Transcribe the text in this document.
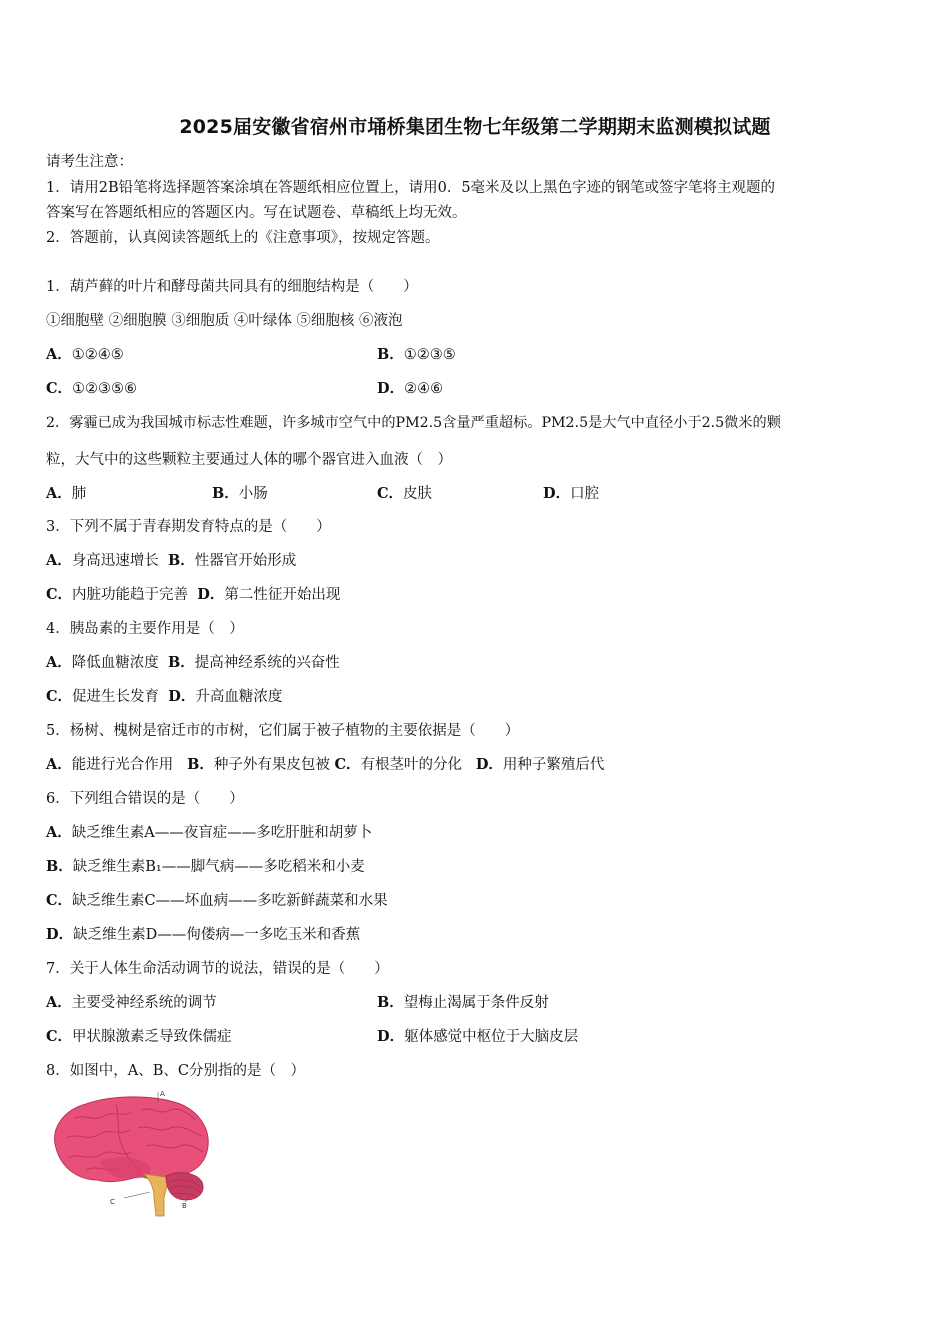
2025届安徽省宿州市埇桥集团生物七年级第二学期期末监测模拟试题
请考生注意：
1．请用2B铅笔将选择题答案涂填在答题纸相应位置上，请用0．5毫米及以上黑色字迹的钢笔或签字笔将主观题的
答案写在答题纸相应的答题区内。写在试题卷、草稿纸上均无效。
2．答题前，认真阅读答题纸上的《注意事项》，按规定答题。
1．葫芦藓的叶片和酵母菌共同具有的细胞结构是（　　）
①细胞壁 ②细胞膜 ③细胞质 ④叶绿体 ⑤细胞核 ⑥液泡
A．①②④⑤	B．①②③⑤
C．①②③⑤⑥	D．②④⑥
2．雾霾已成为我国城市标志性难题，许多城市空气中的PM2.5含量严重超标。PM2.5是大气中直径小于2.5微米的颗
粒，大气中的这些颗粒主要通过人体的哪个器官进入血液（　）
A．肺	B．小肠	C．皮肤	D．口腔
3．下列不属于青春期发育特点的是（　　）
A．身高迅速增长 B．性器官开始形成
C．内脏功能趋于完善 D．第二性征开始出现
4．胰岛素的主要作用是（　）
A．降低血糖浓度 B．提高神经系统的兴奋性
C．促进生长发育 D．升高血糖浓度
5．杨树、槐树是宿迁市的市树，它们属于被子植物的主要依据是（　　）
A．能进行光合作用 B．种子外有果皮包被 C．有根茎叶的分化 D．用种子繁殖后代
6．下列组合错误的是（　　）
A．缺乏维生素A——夜盲症——多吃肝脏和胡萝卜
B．缺乏维生素B₁——脚气病——多吃稻米和小麦
C．缺乏维生素C——坏血病——多吃新鲜蔬菜和水果
D．缺乏维生素D——佝偻病—一多吃玉米和香蕉
7．关于人体生命活动调节的说法，错误的是（　　）
A．主要受神经系统的调节	B．望梅止渴属于条件反射
C．甲状腺激素乏导致侏儒症	D．躯体感觉中枢位于大脑皮层
8．如图中，A、B、C分别指的是（　）
A
C	B
